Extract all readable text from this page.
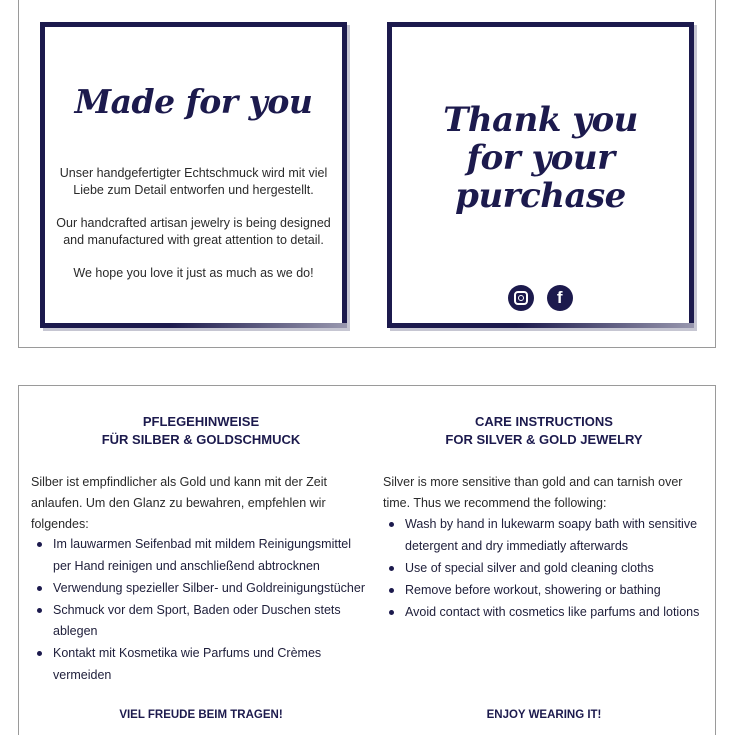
Made for you

Unser handgefertigter Echtschmuck wird mit viel Liebe zum Detail entworfen und hergestellt.

Our handcrafted artisan jewelry is being designed and manufactured with great attention to detail.

We hope you love it just as much as we do!

Thank you
for your
purchase
f
PFLEGEHINWEISE
FÜR SILBER & GOLDSCHMUCK
Silber ist empfindlicher als Gold und kann mit der Zeit anlaufen. Um den Glanz zu bewahren, empfehlen wir folgendes:
Im lauwarmen Seifenbad mit mildem Reinigungsmittel per Hand reinigen und anschließend abtrocknen
Verwendung spezieller Silber- und Goldreinigungstücher
Schmuck vor dem Sport, Baden oder Duschen stets ablegen
Kontakt mit Kosmetika wie Parfums und Crèmes vermeiden
VIEL FREUDE BEIM TRAGEN!
CARE INSTRUCTIONS
FOR SILVER & GOLD JEWELRY
Silver is more sensitive than gold and can tarnish over time. Thus we recommend the following:
Wash by hand in lukewarm soapy bath with sensitive detergent and dry immediatly afterwards
Use of special silver and gold cleaning cloths
Remove before workout, showering or bathing
Avoid contact with cosmetics like parfums and lotions
ENJOY WEARING IT!
